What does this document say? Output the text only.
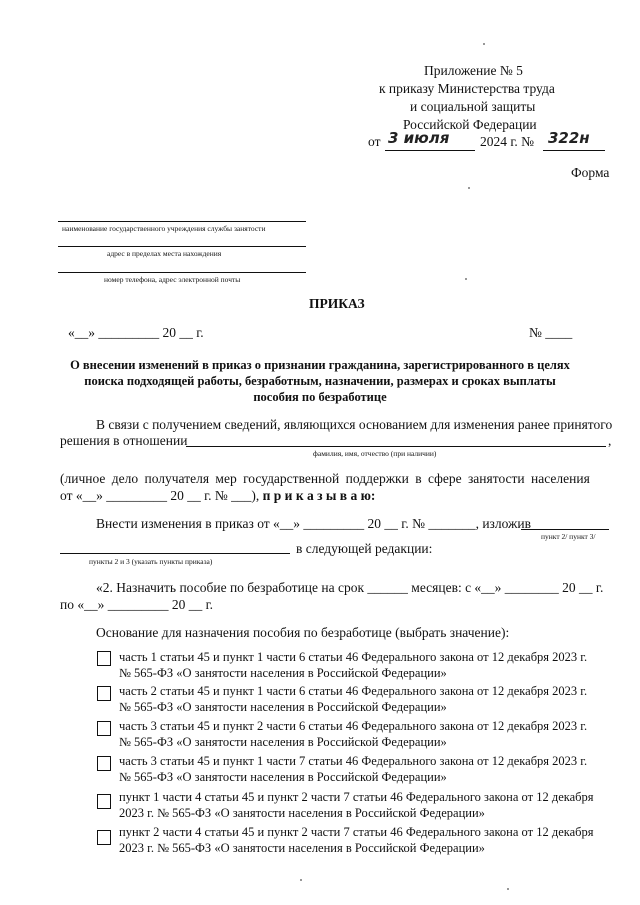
Приложение № 5
к приказу Министерства труда
и социальной защиты
Российской Федерации
от 3 июля 2024 г. № 322н
Форма
наименование государственного учреждения службы занятости
адрес в пределах места нахождения
номер телефона, адрес электронной почты
ПРИКАЗ
«__» _________ 20 __ г.	№ ____
О внесении изменений в приказ о признании гражданина, зарегистрированного в целях
поиска подходящей работы, безработным, назначении, размерах и сроках выплаты
пособия по безработице
В связи с получением сведений, являющихся основанием для изменения ранее принятого
решения в отношении	,
фамилия, имя, отчество (при наличии)
(личное дело получателя мер государственной поддержки в сфере занятости населения
от «__» _________ 20 __ г. № ___), п р и к а з ы в а ю:
Внести изменения в приказ от «__» _________ 20 __ г. № _______, изложив
пункт 2/ пункт 3/
в следующей редакции:
пункты 2 и 3 (указать пункты приказа)
«2. Назначить пособие по безработице на срок ______ месяцев: с «__» ________ 20 __ г.
по «__» _________ 20 __ г.
Основание для назначения пособия по безработице (выбрать значение):
часть 1 статьи 45 и пункт 1 части 6 статьи 46 Федерального закона от 12 декабря 2023 г.
№ 565-ФЗ «О занятости населения в Российской Федерации»
часть 2 статьи 45 и пункт 1 части 6 статьи 46 Федерального закона от 12 декабря 2023 г.
№ 565-ФЗ «О занятости населения в Российской Федерации»
часть 3 статьи 45 и пункт 2 части 6 статьи 46 Федерального закона от 12 декабря 2023 г.
№ 565-ФЗ «О занятости населения в Российской Федерации»
часть 3 статьи 45 и пункт 1 части 7 статьи 46 Федерального закона от 12 декабря 2023 г.
№ 565-ФЗ «О занятости населения в Российской Федерации»
пункт 1 части 4 статьи 45 и пункт 2 части 7 статьи 46 Федерального закона от 12 декабря
2023 г. № 565-ФЗ «О занятости населения в Российской Федерации»
пункт 2 части 4 статьи 45 и пункт 2 части 7 статьи 46 Федерального закона от 12 декабря
2023 г. № 565-ФЗ «О занятости населения в Российской Федерации»
